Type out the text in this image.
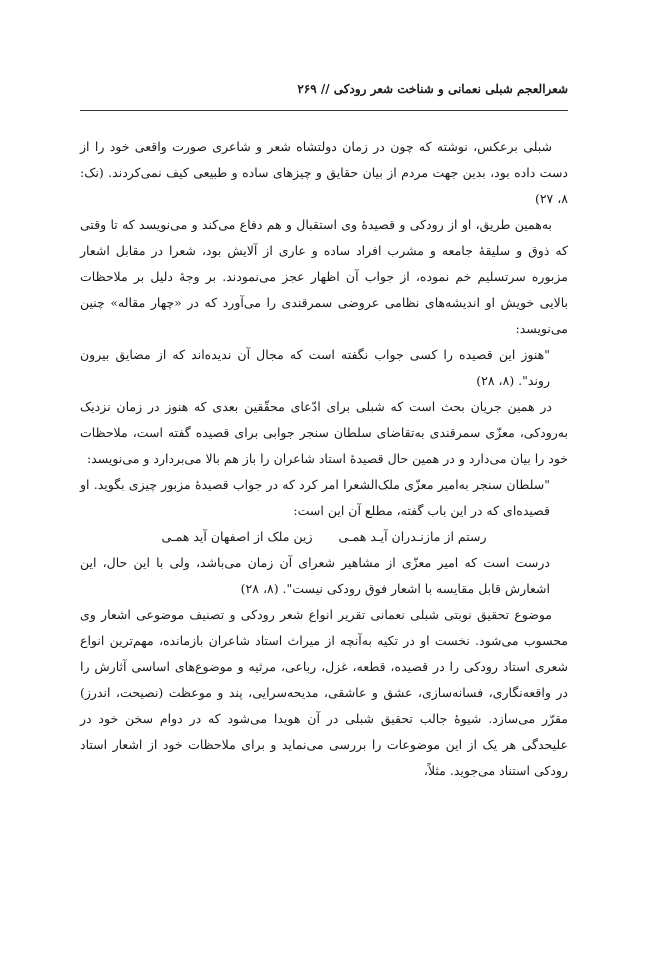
شعرالعجم شبلی نعمانی و شناخت شعر رودکی // ۲۶۹

شبلی برعکس، نوشته که چون در زمان دولتشاه شعر و شاعری صورت واقعی خود را از دست داده بود، بدین جهت مردم از بیان حقایق و چیزهای ساده و طبیعی کیف نمی‌کردند. (نک: ۸، ۲۷)

به‌همین طریق، او از رودکی و قصیدهٔ وی استقبال و هم دفاع می‌کند و می‌نویسد که تا وقتی که ذوق و سلیقهٔ جامعه و مشرب افراد ساده و عاری از آلایش بود، شعرا در مقابل اشعار مزبوره سرتسلیم خم نموده، از جواب آن اظهار عجز می‌نمودند. بر وجهٔ دلیل بر ملاحظات بالایی خویش او اندیشه‌های نظامی عروضی سمرقندی را می‌آورد که در «چهار مقاله» چنین می‌نویسد:

"هنوز این قصیده را کسی جواب نگفته است که مجال آن ندیده‌اند که از مضایق بیرون روند". (۸، ۲۸)

در همین جریان بحث است که شبلی برای ادّعای محقّقین بعدی که هنوز در زمان نزدیک به‌رودکی، معزّی سمرقندی به‌تقاضای سلطان سنجر جوابی برای قصیده گفته است، ملاحظات خود را بیان می‌دارد و در همین حال قصیدهٔ استاد شاعران را باز هم بالا می‌بردارد و می‌نویسد:

"سلطان سنجر به‌امیر معزّی ملک‌الشعرا امر کرد که در جواب قصیدهٔ مزبور چیزی بگوید. او قصیده‌ای که در این باب گفته، مطلع آن این است:

رستم از مازنـدران آیـد همـی
زین ملک از اصفهان آید همـی

درست است که امیر معزّی از مشاهیر شعرای آن زمان می‌باشد، ولی با این حال، این اشعارش قابل مقایسه با اشعار فوق رودکی نیست". (۸، ۲۸)

موضوع تحقیق نوبتی شبلی نعمانی تقریر انواع شعر رودکی و تصنیف موضوعی اشعار وی محسوب می‌شود. نخست او در تکیه به‌آنچه از میراث استاد شاعران بازمانده، مهم‌ترین انواع شعری استاد رودکی را در قصیده، قطعه، غزل، رباعی، مرثیه و موضوع‌های اساسی آثارش را در واقعه‌نگاری، فسانه‌سازی، عشق و عاشقی، مدیحه‌سرایی، پند و موعظت (نصیحت، اندرز) مقرّر می‌سازد. شیوهٔ جالب تحقیق شبلی در آن هویدا می‌شود که در دوام سخن خود در علیحدگی هر یک از این موضوعات را بررسی می‌نماید و برای ملاحظات خود از اشعار استاد رودکی استناد می‌جوید. مثلاً،
